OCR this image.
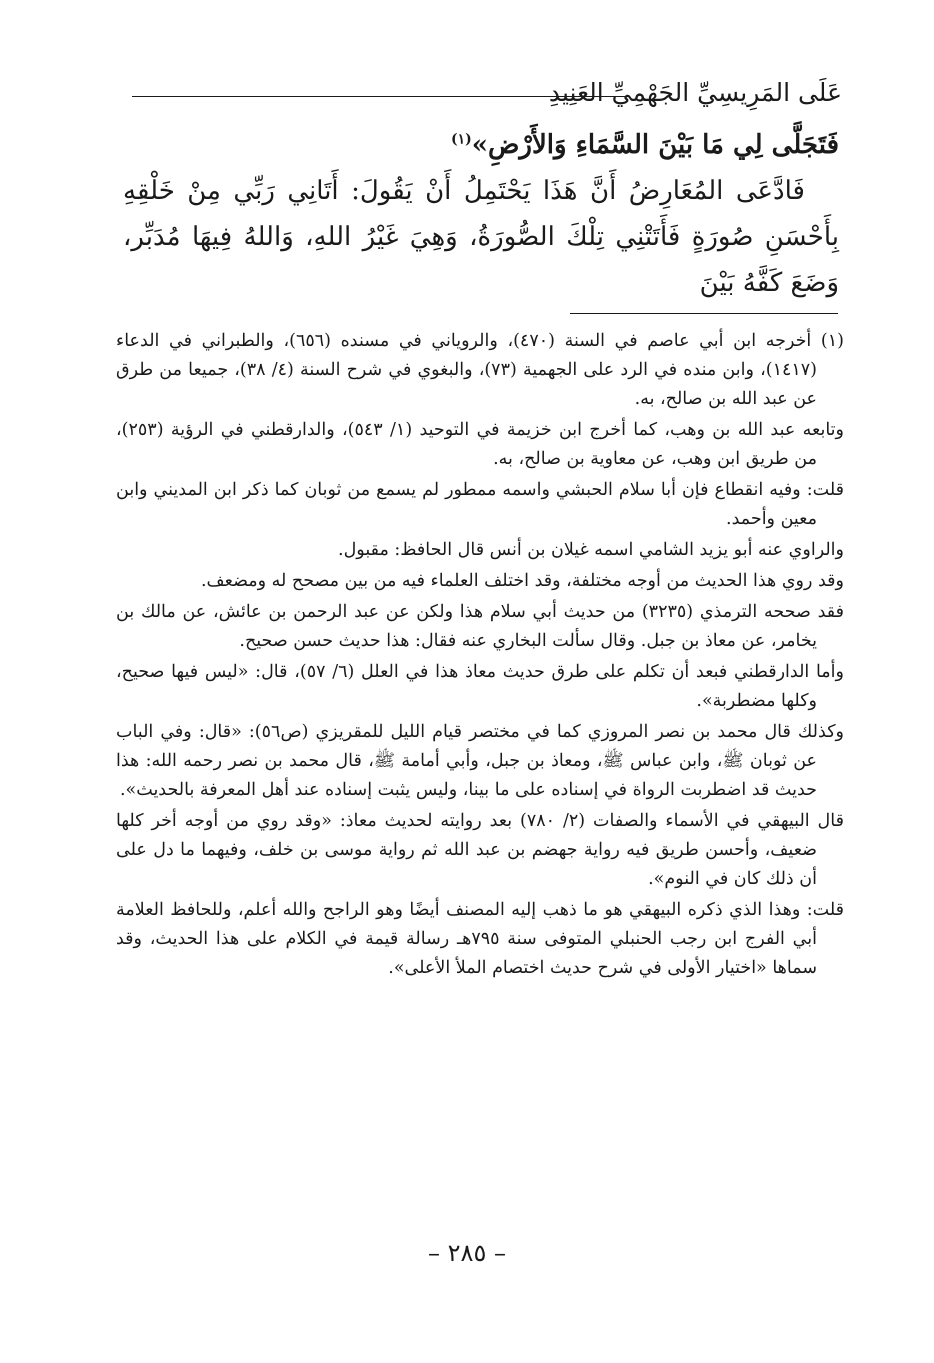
عَلَى المَرِيسِيِّ الجَهْمِيِّ العَنِيدِ

فَتَجَلَّى لِي مَا بَيْنَ السَّمَاءِ وَالأَرْضِ»$^{(١)}$

فَادَّعَى المُعَارِضُ أَنَّ هَذَا يَحْتَمِلُ أَنْ يَقُولَ: أَتَانِي رَبِّي مِنْ خَلْقِهِ بِأَحْسَنِ صُورَةٍ فَأَتَتْنِي تِلْكَ الصُّورَةُ، وَهِيَ غَيْرُ اللهِ، وَاللهُ فِيهَا مُدَبِّر، وَضَعَ كَفَّهُ بَيْنَ

(١) أخرجه ابن أبي عاصم في السنة (٤٧٠)، والروياني في مسنده (٦٥٦)، والطبراني في الدعاء (١٤١٧)، وابن منده في الرد على الجهمية (٧٣)، والبغوي في شرح السنة (٤/ ٣٨)، جميعا من طرق عن عبد الله بن صالح، به.

وتابعه عبد الله بن وهب، كما أخرج ابن خزيمة في التوحيد (١/ ٥٤٣)، والدارقطني في الرؤية (٢٥٣)، من طريق ابن وهب، عن معاوية بن صالح، به.

قلت: وفيه انقطاع فإن أبا سلام الحبشي واسمه ممطور لم يسمع من ثوبان كما ذكر ابن المديني وابن معين وأحمد.

والراوي عنه أبو يزيد الشامي اسمه غيلان بن أنس قال الحافظ: مقبول.

وقد روي هذا الحديث من أوجه مختلفة، وقد اختلف العلماء فيه من بين مصحح له ومضعف.

فقد صححه الترمذي (٣٢٣٥) من حديث أبي سلام هذا ولكن عن عبد الرحمن بن عائش، عن مالك بن يخامر، عن معاذ بن جبل. وقال سألت البخاري عنه فقال: هذا حديث حسن صحيح.

وأما الدارقطني فبعد أن تكلم على طرق حديث معاذ هذا في العلل (٦/ ٥٧)، قال: «ليس فيها صحيح، وكلها مضطربة».

وكذلك قال محمد بن نصر المروزي كما في مختصر قيام الليل للمقريزي (ص٥٦): «قال: وفي الباب عن ثوبان ﷺ، وابن عباس ﷺ، ومعاذ بن جبل، وأبي أمامة ﷺ، قال محمد بن نصر رحمه الله: هذا حديث قد اضطربت الرواة في إسناده على ما بينا، وليس يثبت إسناده عند أهل المعرفة بالحديث».

قال البيهقي في الأسماء والصفات (٢/ ٧٨٠) بعد روايته لحديث معاذ: «وقد روي من أوجه أخر كلها ضعيف، وأحسن طريق فيه رواية جهضم بن عبد الله ثم رواية موسى بن خلف، وفيهما ما دل على أن ذلك كان في النوم».

قلت: وهذا الذي ذكره البيهقي هو ما ذهب إليه المصنف أيضًا وهو الراجح والله أعلم، وللحافظ العلامة أبي الفرج ابن رجب الحنبلي المتوفى سنة ٧٩٥هـ رسالة قيمة في الكلام على هذا الحديث، وقد سماها «اختيار الأولى في شرح حديث اختصام الملأ الأعلى».

– ٢٨٥ –
